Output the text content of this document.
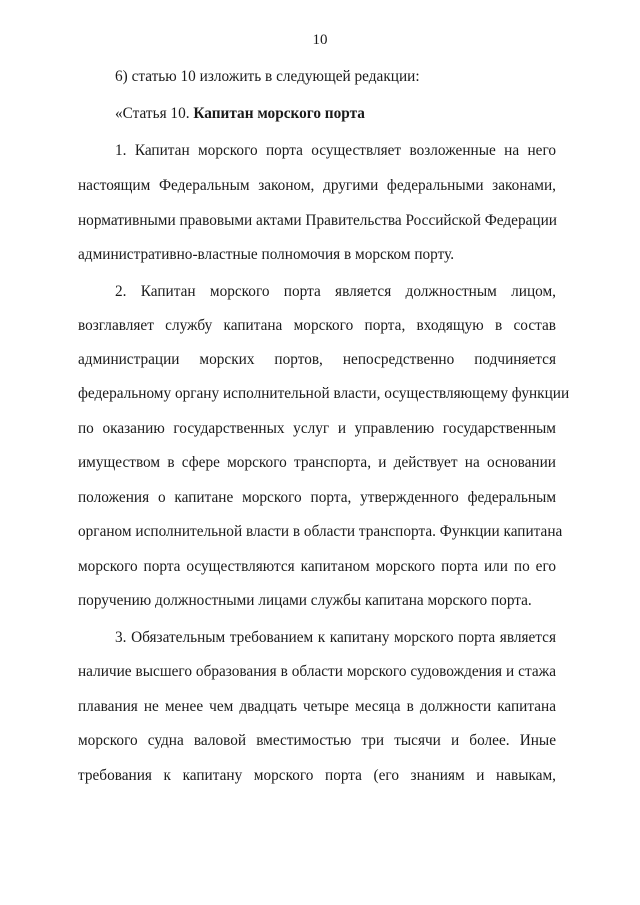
10
6) статью 10 изложить в следующей редакции:
«Статья 10. Капитан морского порта
1. Капитан морского порта осуществляет возложенные на него
настоящим Федеральным законом, другими федеральными законами,
нормативными правовыми актами Правительства Российской Федерации
административно-властные полномочия в морском порту.
2. Капитан морского порта является должностным лицом,
возглавляет службу капитана морского порта, входящую в состав
администрации морских портов, непосредственно подчиняется
федеральному органу исполнительной власти, осуществляющему функции
по оказанию государственных услуг и управлению государственным
имуществом в сфере морского транспорта, и действует на основании
положения о капитане морского порта, утвержденного федеральным
органом исполнительной власти в области транспорта. Функции капитана
морского порта осуществляются капитаном морского порта или по его
поручению должностными лицами службы капитана морского порта.
3. Обязательным требованием к капитану морского порта является
наличие высшего образования в области морского судовождения и стажа
плавания не менее чем двадцать четыре месяца в должности капитана
морского судна валовой вместимостью три тысячи и более. Иные
требования к капитану морского порта (его знаниям и навыкам,
